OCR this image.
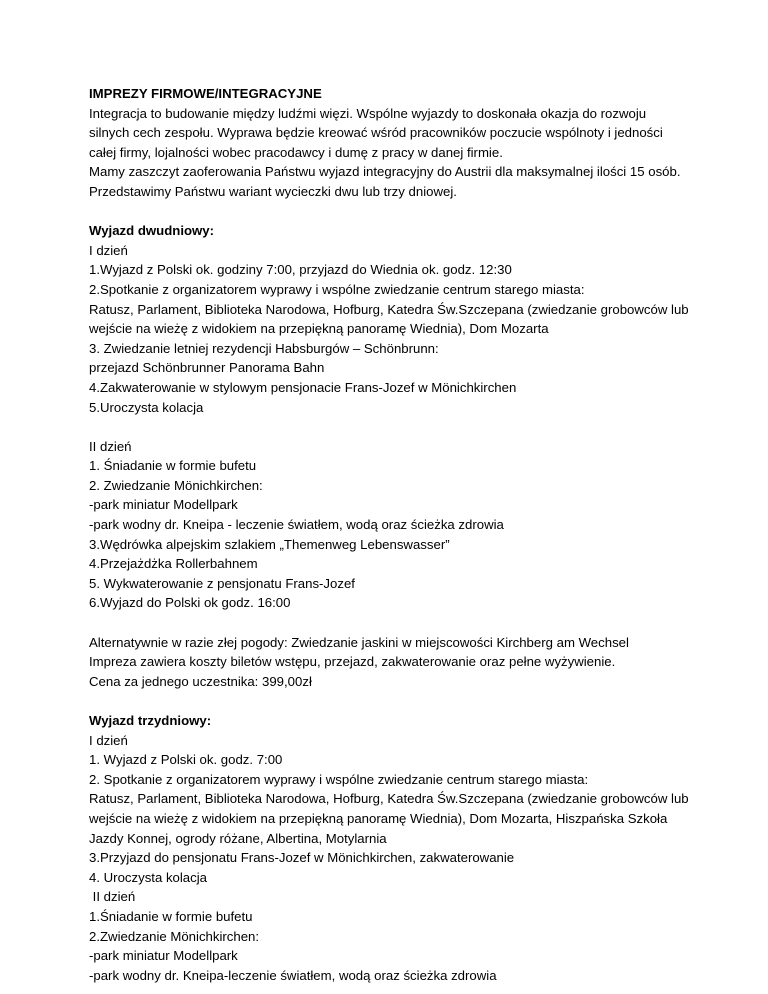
IMPREZY FIRMOWE/INTEGRACYJNE
Integracja to budowanie między ludźmi więzi. Wspólne wyjazdy to doskonała okazja do rozwoju
silnych cech zespołu. Wyprawa będzie kreować wśród pracowników poczucie wspólnoty i jedności
całej firmy, lojalności wobec pracodawcy i dumę z pracy w danej firmie.
Mamy zaszczyt zaoferowania Państwu wyjazd integracyjny do Austrii dla maksymalnej ilości 15 osób.
Przedstawimy Państwu wariant wycieczki dwu lub trzy dniowej.
Wyjazd dwudniowy:
I dzień
1.Wyjazd z Polski ok. godziny 7:00, przyjazd do Wiednia ok. godz. 12:30
2.Spotkanie z organizatorem wyprawy i wspólne zwiedzanie centrum starego miasta:
Ratusz, Parlament, Biblioteka Narodowa, Hofburg, Katedra Św.Szczepana (zwiedzanie grobowców lub
wejście na wieżę z widokiem na przepiękną panoramę Wiednia), Dom Mozarta
3. Zwiedzanie letniej rezydencji Habsburgów – Schönbrunn:
przejazd Schönbrunner Panorama Bahn
4.Zakwaterowanie w stylowym pensjonacie Frans-Jozef w Mönichkirchen
5.Uroczysta kolacja
II dzień
1. Śniadanie w formie bufetu
2. Zwiedzanie Mönichkirchen:
-park miniatur Modellpark
-park wodny dr. Kneipa - leczenie światłem, wodą oraz ścieżka zdrowia
3.Wędrówka alpejskim szlakiem „Themenweg Lebenswasser”
4.Przejażdżka Rollerbahnem
5. Wykwaterowanie z pensjonatu Frans-Jozef
6.Wyjazd do Polski ok godz. 16:00
Alternatywnie w razie złej pogody: Zwiedzanie jaskini w miejscowości Kirchberg am Wechsel
Impreza zawiera koszty biletów wstępu, przejazd, zakwaterowanie oraz pełne wyżywienie.
Cena za jednego uczestnika: 399,00zł
Wyjazd trzydniowy:
I dzień
1. Wyjazd z Polski ok. godz. 7:00
2. Spotkanie z organizatorem wyprawy i wspólne zwiedzanie centrum starego miasta:
Ratusz, Parlament, Biblioteka Narodowa, Hofburg, Katedra Św.Szczepana (zwiedzanie grobowców lub
wejście na wieżę z widokiem na przepiękną panoramę Wiednia), Dom Mozarta, Hiszpańska Szkoła
Jazdy Konnej, ogrody różane, Albertina, Motylarnia
3.Przyjazd do pensjonatu Frans-Jozef w Mönichkirchen, zakwaterowanie
4. Uroczysta kolacja
II dzień
1.Śniadanie w formie bufetu
2.Zwiedzanie Mönichkirchen:
-park miniatur Modellpark
-park wodny dr. Kneipa-leczenie światłem, wodą oraz ścieżka zdrowia
